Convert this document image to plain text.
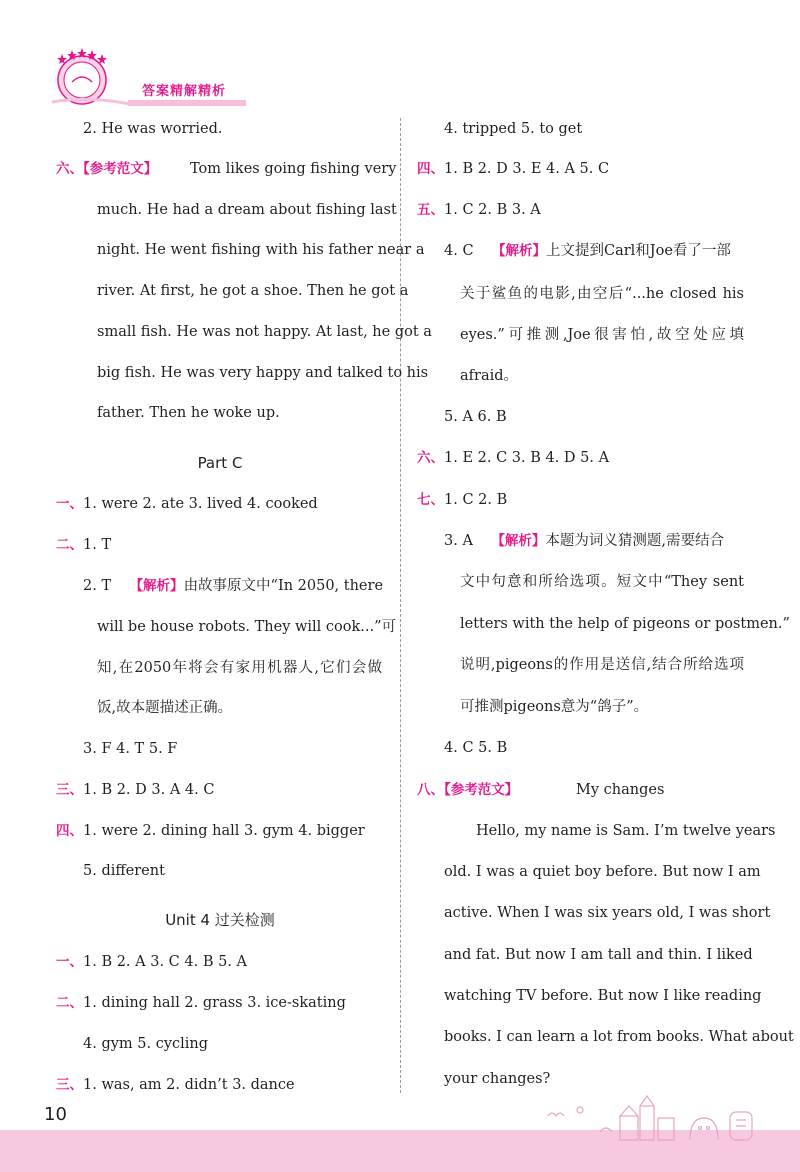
答案精解精析
2. He was worried.
六、【参考范文】 Tom likes going fishing very
much. He had a dream about fishing last
night. He went fishing with his father near a
river. At first, he got a shoe. Then he got a
small fish. He was not happy. At last, he got a
big fish. He was very happy and talked to his
father. Then he woke up.
Part C
一、1. were 2. ate 3. lived 4. cooked
二、1. T
2. T 【解析】由故事原文中“In 2050, there
will be house robots. They will cook...”可
知,在2050年将会有家用机器人,它们会做
饭,故本题描述正确。
3. F 4. T 5. F
三、1. B 2. D 3. A 4. C
四、1. were 2. dining hall 3. gym 4. bigger
5. different
Unit 4 过关检测
一、1. B 2. A 3. C 4. B 5. A
二、1. dining hall 2. grass 3. ice-skating
4. gym 5. cycling
三、1. was, am 2. didn’t 3. dance
4. tripped 5. to get
四、1. B 2. D 3. E 4. A 5. C
五、1. C 2. B 3. A
4. C 【解析】上文提到Carl和Joe看了一部
关于鲨鱼的电影,由空后“...he closed his
eyes.”可推测,Joe很害怕,故空处应填
afraid。
5. A 6. B
六、1. E 2. C 3. B 4. D 5. A
七、1. C 2. B
3. A 【解析】本题为词义猜测题,需要结合
文中句意和所给选项。短文中“They sent
letters with the help of pigeons or postmen.”
说明,pigeons的作用是送信,结合所给选项
可推测pigeons意为“鸽子”。
4. C 5. B
八、【参考范文】	My changes
Hello, my name is Sam. I’m twelve years
old. I was a quiet boy before. But now I am
active. When I was six years old, I was short
and fat. But now I am tall and thin. I liked
watching TV before. But now I like reading
books. I can learn a lot from books. What about
your changes?
10
